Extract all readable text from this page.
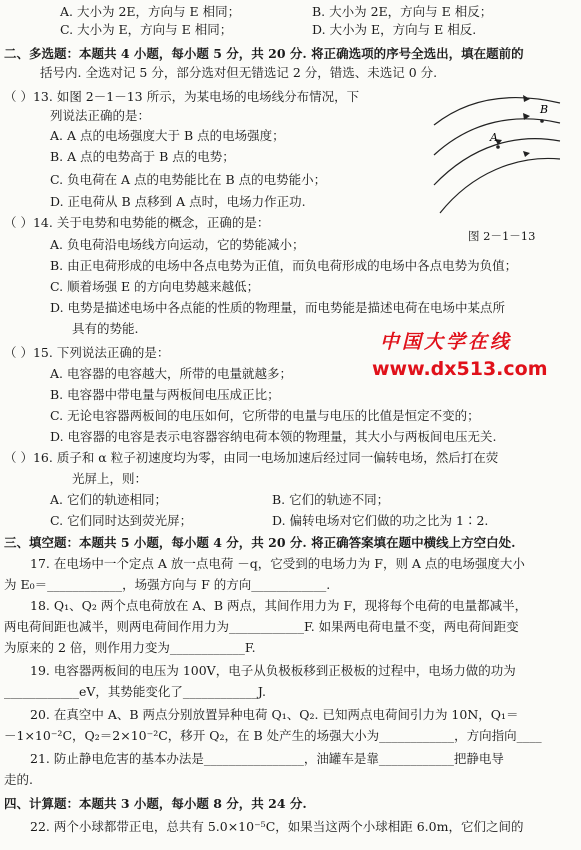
A. 大小为 2E，方向与 E 相同；
C. 大小为 E，方向与 E 相同；
二、多选题：本题共 4 小题，每小题 5 分，共 20 分. 将正确选项的序号全选出，填在题前的
括号内. 全选对记 5 分，部分选对但无错选记 2 分，错选、未选记 0 分.
（ ）13. 如图 2－1－13 所示，为某电场的电场线分布情况，下
列说法正确的是：
A. A 点的电场强度大于 B 点的电场强度；
B. A 点的电势高于 B 点的电势；
C. 负电荷在 A 点的电势能比在 B 点的电势能小；
D. 正电荷从 B 点移到 A 点时，电场力作正功.
（ ）14. 关于电势和电势能的概念，正确的是：
A. 负电荷沿电场线方向运动，它的势能减小；
B. 由正电荷形成的电场中各点电势为正值，而负电荷形成的电场中各点电势为负值；
C. 顺着场强 E 的方向电势越来越低；
D. 电势是描述电场中各点能的性质的物理量，而电势能是描述电荷在电场中某点所
具有的势能.
（ ）15. 下列说法正确的是：
A. 电容器的电容越大，所带的电量就越多；
B. 电容器中带电量与两板间电压成正比；
C. 无论电容器两板间的电压如何，它所带的电量与电压的比值是恒定不变的；
D. 电容器的电容是表示电容器容纳电荷本领的物理量，其大小与两板间电压无关.
（ ）16. 质子和 α 粒子初速度均为零，由同一电场加速后经过同一偏转电场，然后打在荧
光屏上，则：
A. 它们的轨迹相同；
C. 它们同时达到荧光屏；
三、填空题：本题共 5 小题，每小题 4 分，共 20 分. 将正确答案填在题中横线上方空白处.
17. 在电场中一个定点 A 放一点电荷 －q，它受到的电场力为 F，则 A 点的电场强度大小
为 E₀＝____________，场强方向与 F 的方向____________.
18. Q₁、Q₂ 两个点电荷放在 A、B 两点，其间作用力为 F，现将每个电荷的电量都减半，
两电荷间距也减半，则两电荷间作用力为____________F. 如果两电荷电量不变，两电荷间距变
为原来的 2 倍，则作用力变为____________F.
19. 电容器两板间的电压为 100V，电子从负极板移到正极板的过程中，电场力做的功为
____________eV，其势能变化了____________J.
20. 在真空中 A、B 两点分别放置异种电荷 Q₁、Q₂. 已知两点电荷间引力为 10N，Q₁＝
－1×10⁻²C，Q₂＝2×10⁻²C，移开 Q₂，在 B 处产生的场强大小为____________，方向指向____
21. 防止静电危害的基本办法是________________，油罐车是靠____________把静电导
走的.
四、计算题：本题共 3 小题，每小题 8 分，共 24 分.
22. 两个小球都带正电，总共有 5.0×10⁻⁵C，如果当这两个小球相距 6.0m，它们之间的
B. 大小为 2E，方向与 E 相反；
D. 大小为 E，方向与 E 相反.
B. 它们的轨迹不同；
D. 偏转电场对它们做的功之比为 1∶2.
B
A
图 2－1－13
中国大学在线
www.dx513.com
